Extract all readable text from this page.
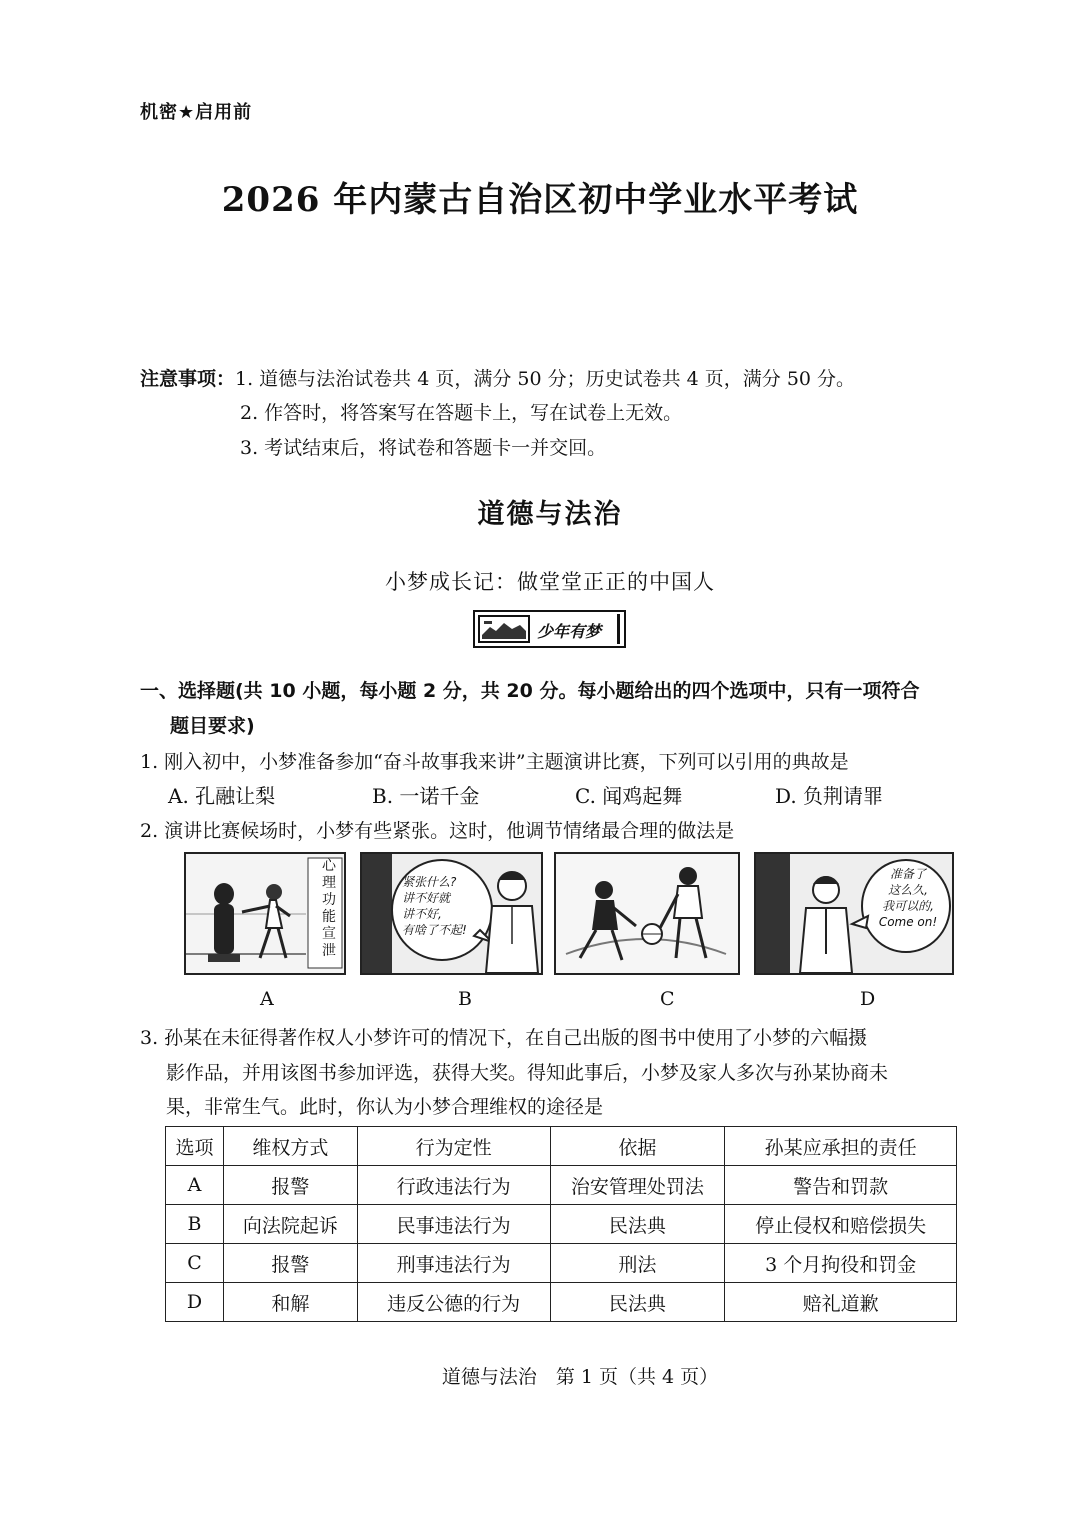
机密★启用前
2026 年内蒙古自治区初中学业水平考试
注意事项：1. 道德与法治试卷共 4 页，满分 50 分；历史试卷共 4 页，满分 50 分。
2. 作答时，将答案写在答题卡上，写在试卷上无效。
3. 考试结束后，将试卷和答题卡一并交回。
道德与法治
小梦成长记：做堂堂正正的中国人
少年有梦
一、选择题(共 10 小题，每小题 2 分，共 20 分。每小题给出的四个选项中，只有一项符合
题目要求)
1. 刚入初中，小梦准备参加“奋斗故事我来讲”主题演讲比赛，下列可以引用的典故是
A. 孔融让梨	B. 一诺千金	C. 闻鸡起舞	D. 负荆请罪
2. 演讲比赛候场时，小梦有些紧张。这时，他调节情绪最合理的做法是
心
理
功
能
宣
泄
紧张什么?
讲不好就
讲不好,
有啥了不起!
准备了
这么久,
我可以的,
Come on!
A	B	C	D
3. 孙某在未征得著作权人小梦许可的情况下，在自己出版的图书中使用了小梦的六幅摄
影作品，并用该图书参加评选，获得大奖。得知此事后，小梦及家人多次与孙某协商未
果，非常生气。此时，你认为小梦合理维权的途径是
选项	维权方式	行为定性	依据	孙某应承担的责任
A	报警	行政违法行为	治安管理处罚法	警告和罚款
B	向法院起诉	民事违法行为	民法典	停止侵权和赔偿损失
C	报警	刑事违法行为	刑法	3 个月拘役和罚金
D	和解	违反公德的行为	民法典	赔礼道歉
道德与法治　第 1 页（共 4 页）
